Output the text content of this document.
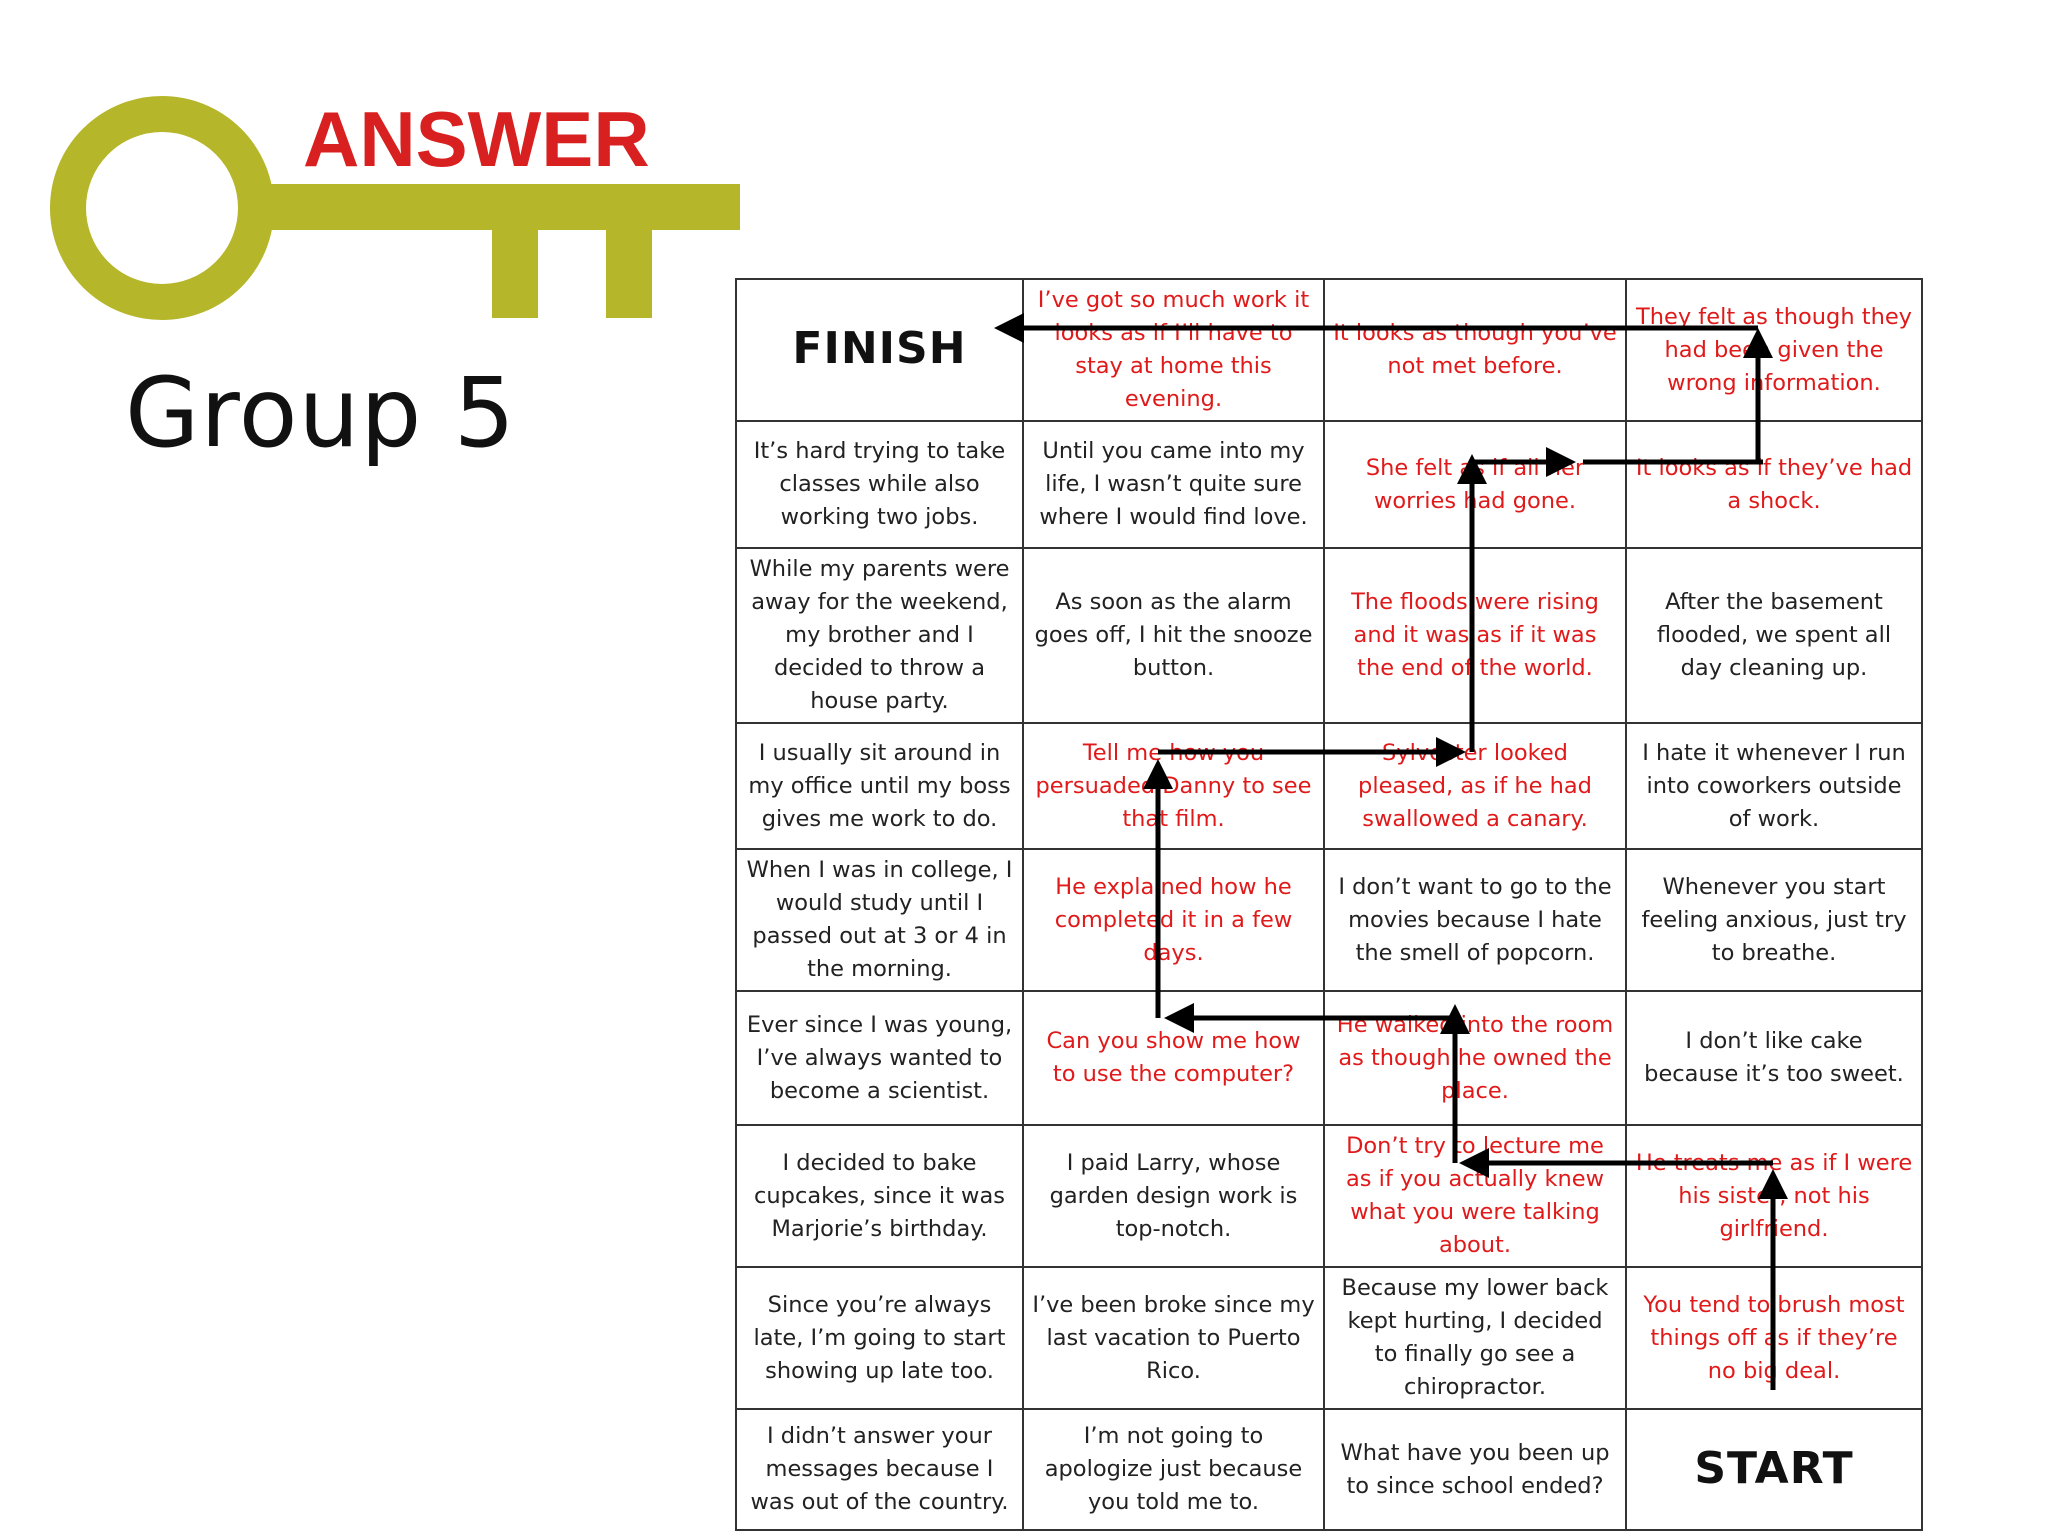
ANSWER
Group 5
FINISH	I’ve got so much work it looks as if I’ll have to stay at home this evening.	It looks as though you’ve not met before.	They felt as though they had been given the wrong information.
It’s hard trying to take classes while also working two jobs.	Until you came into my life, I wasn’t quite sure where I would find love.	She felt as if all her worries had gone.	It looks as if they’ve had a shock.
While my parents were away for the weekend, my brother and I decided to throw a house party.	As soon as the alarm goes off, I hit the snooze button.	The floods were rising and it was as if it was the end of the world.	After the basement flooded, we spent all day cleaning up.
I usually sit around in my office until my boss gives me work to do.	Tell me how you persuaded Danny to see that film.	Sylvester looked pleased, as if he had swallowed a canary.	I hate it whenever I run into coworkers outside of work.
When I was in college, I would study until I passed out at 3 or 4 in the morning.	He explained how he completed it in a few days.	I don’t want to go to the movies because I hate the smell of popcorn.	Whenever you start feeling anxious, just try to breathe.
Ever since I was young, I’ve always wanted to become a scientist.	Can you show me how to use the computer?	He walked into the room as though he owned the place.	I don’t like cake because it’s too sweet.
I decided to bake cupcakes, since it was Marjorie’s birthday.	I paid Larry, whose garden design work is top-notch.	Don’t try to lecture me as if you actually knew what you were talking about.	He treats me as if I were his sister, not his girlfriend.
Since you’re always late, I’m going to start showing up late too.	I’ve been broke since my last vacation to Puerto Rico.	Because my lower back kept hurting, I decided to finally go see a chiropractor.	You tend to brush most things off as if they’re no big deal.
I didn’t answer your messages because I was out of the country.	I’m not going to apologize just because you told me to.	What have you been up to since school ended?	START
